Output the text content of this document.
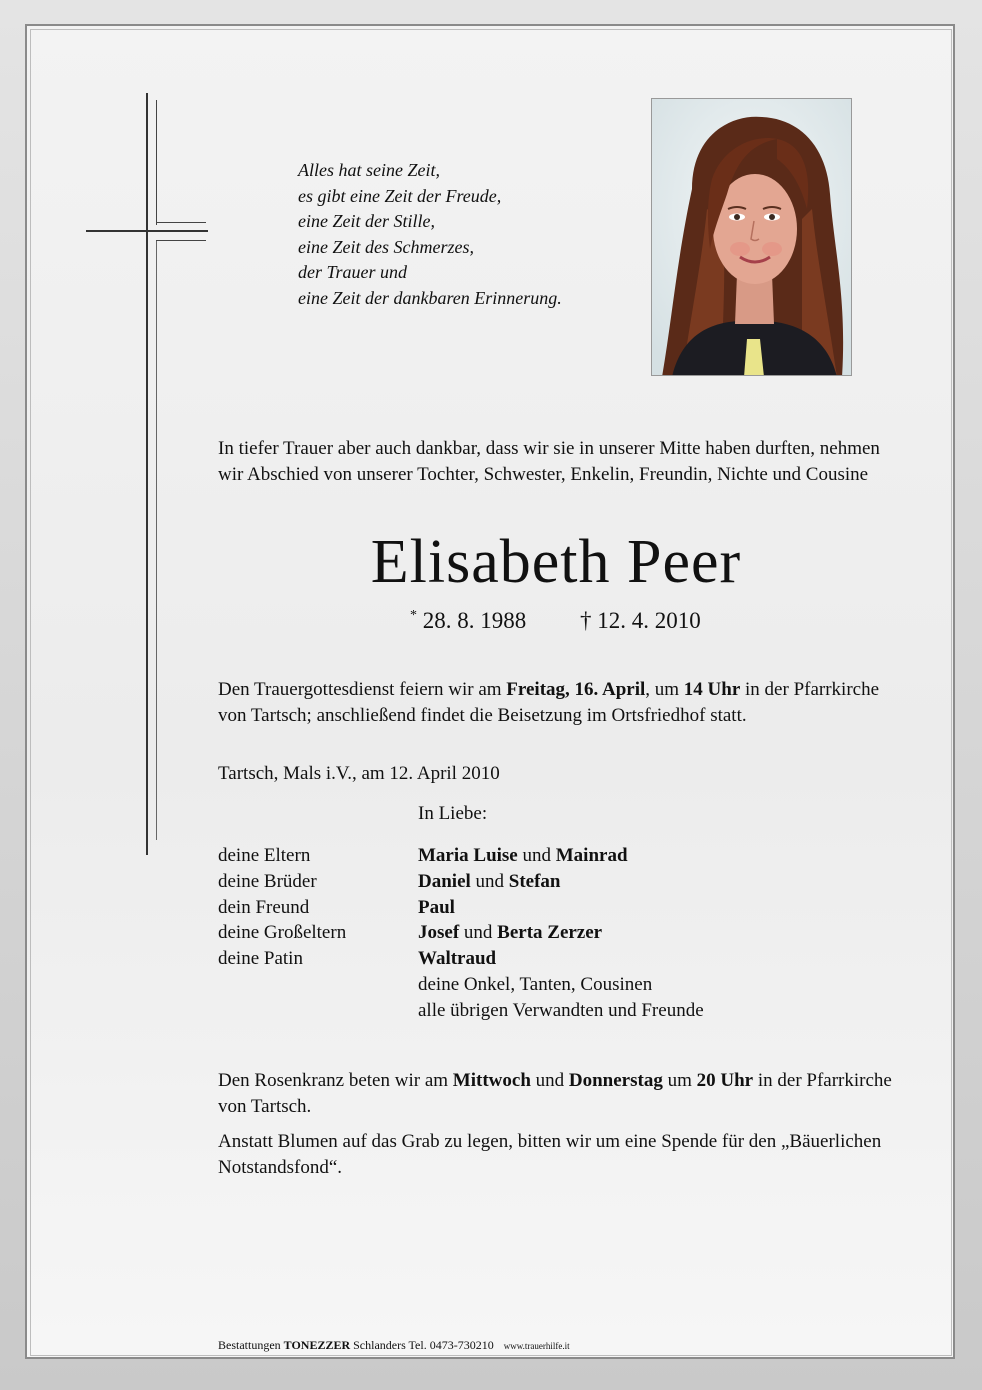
Alles hat seine Zeit,
es gibt eine Zeit der Freude,
eine Zeit der Stille,
eine Zeit des Schmerzes,
der Trauer und
eine Zeit der dankbaren Erinnerung.
In tiefer Trauer aber auch dankbar, dass wir sie in unserer Mitte haben durften, nehmen wir Abschied von unserer Tochter, Schwester, Enkelin, Freundin, Nichte und Cousine
Elisabeth Peer
* 28. 8. 1988 † 12. 4. 2010
Den Trauergottesdienst feiern wir am Freitag, 16. April, um 14 Uhr in der Pfarrkirche von Tartsch; anschließend findet die Beisetzung im Ortsfriedhof statt.
Tartsch, Mals i.V., am 12. April 2010
In Liebe:
deine Eltern	Maria Luise und Mainrad
deine Brüder	Daniel und Stefan
dein Freund	Paul
deine Großeltern	Josef und Berta Zerzer
deine Patin	Waltraud
deine Onkel, Tanten, Cousinen
alle übrigen Verwandten und Freunde
Den Rosenkranz beten wir am Mittwoch und Donnerstag um 20 Uhr in der Pfarrkirche von Tartsch.
Anstatt Blumen auf das Grab zu legen, bitten wir um eine Spende für den „Bäuerlichen Notstandsfond“.
Bestattungen TONEZZER Schlanders Tel. 0473-730210 www.trauerhilfe.it
